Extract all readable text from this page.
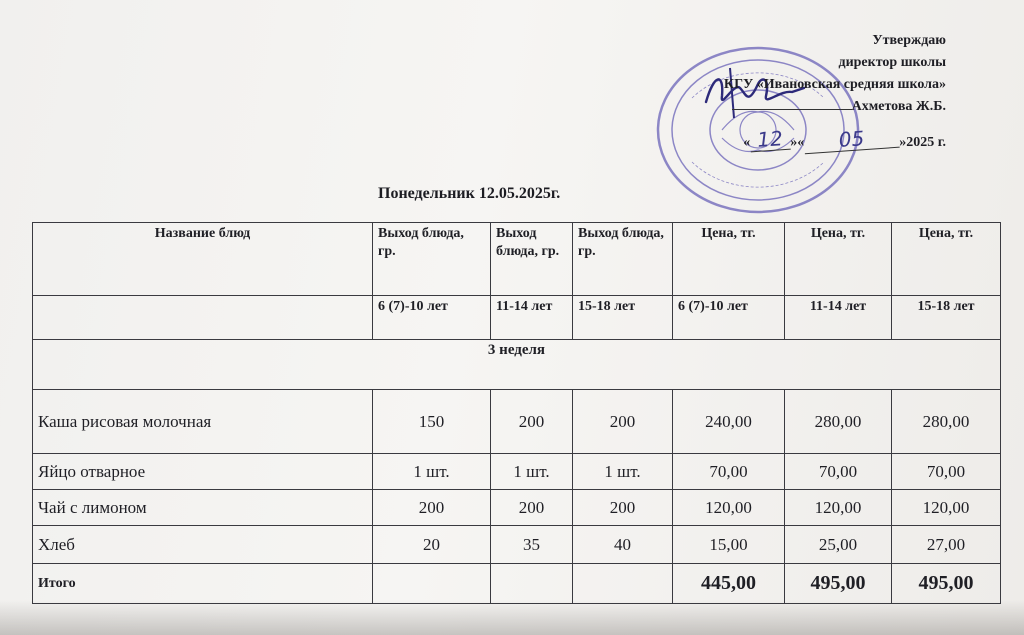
Утверждаю
директор школы
КГУ «Ивановская средняя школа»
Ахметова Ж.Б.
« 12 »« 05 »2025 г.
Понедельник 12.05.2025г.
Название блюд	Выход блюда, гр.	Выход блюда, гр.	Выход блюда, гр.	Цена, тг.	Цена, тг.	Цена, тг.
	6 (7)-10 лет	11-14 лет	15-18 лет	6 (7)-10 лет	11-14 лет	15-18 лет
3 неделя						
Каша рисовая молочная	150	200	200	240,00	280,00	280,00
Яйцо отварное	1 шт.	1 шт.	1 шт.	70,00	70,00	70,00
Чай с лимоном	200	200	200	120,00	120,00	120,00
Хлеб	20	35	40	15,00	25,00	27,00
Итого				445,00	495,00	495,00
